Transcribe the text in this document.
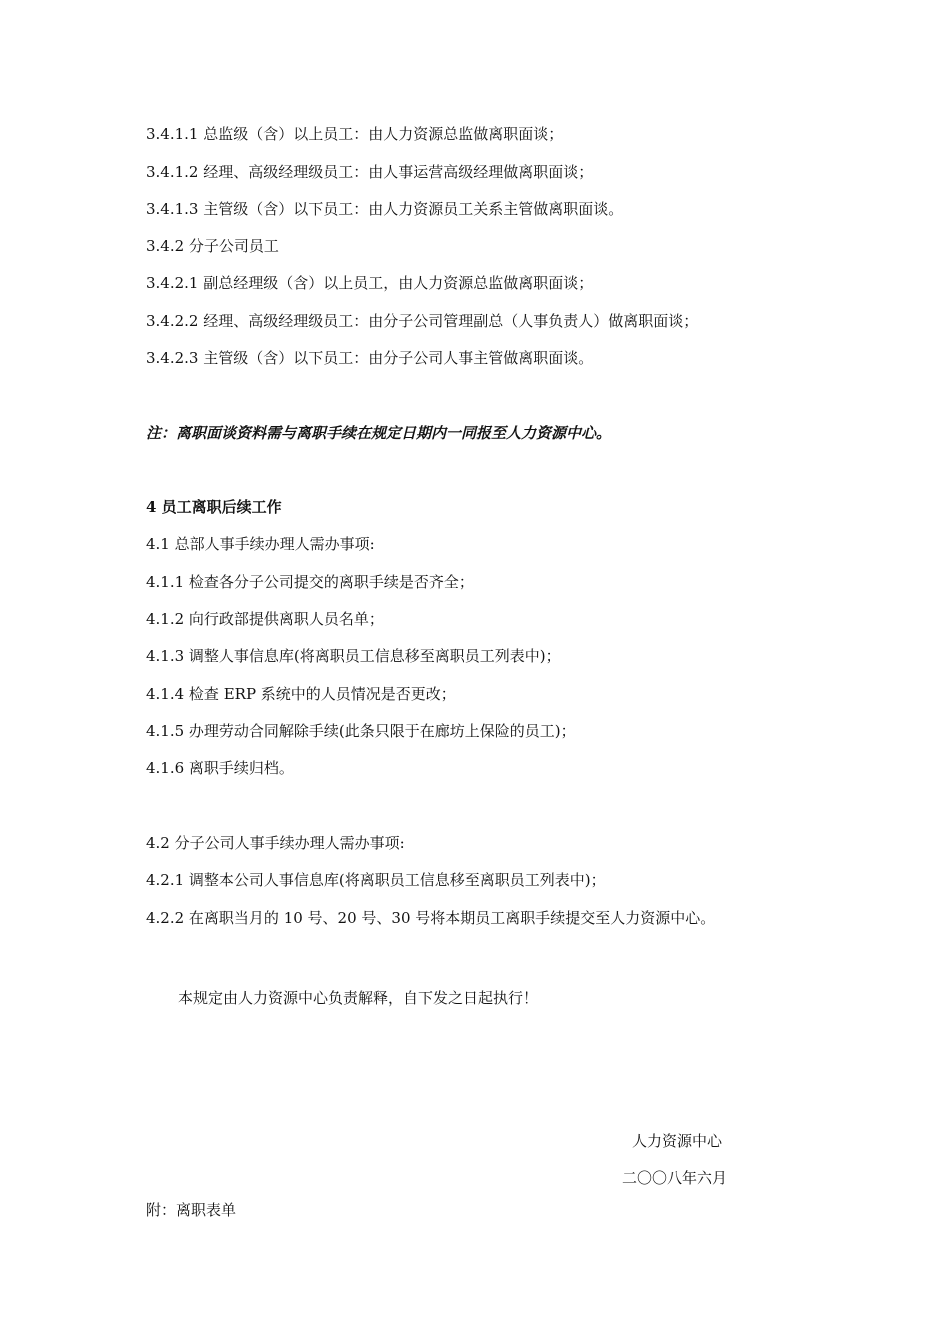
3.4.1.1 总监级（含）以上员工：由人力资源总监做离职面谈；
3.4.1.2 经理、高级经理级员工：由人事运营高级经理做离职面谈；
3.4.1.3 主管级（含）以下员工：由人力资源员工关系主管做离职面谈。
3.4.2 分子公司员工
3.4.2.1 副总经理级（含）以上员工，由人力资源总监做离职面谈；
3.4.2.2 经理、高级经理级员工：由分子公司管理副总（人事负责人）做离职面谈；
3.4.2.3 主管级（含）以下员工：由分子公司人事主管做离职面谈。
注：离职面谈资料需与离职手续在规定日期内一同报至人力资源中心。
4 员工离职后续工作
4.1 总部人事手续办理人需办事项:
4.1.1 检查各分子公司提交的离职手续是否齐全；
4.1.2 向行政部提供离职人员名单；
4.1.3 调整人事信息库(将离职员工信息移至离职员工列表中)；
4.1.4 检查 ERP 系统中的人员情况是否更改；
4.1.5 办理劳动合同解除手续(此条只限于在廊坊上保险的员工)；
4.1.6 离职手续归档。
4.2 分子公司人事手续办理人需办事项:
4.2.1 调整本公司人事信息库(将离职员工信息移至离职员工列表中)；
4.2.2 在离职当月的 10 号、20 号、30 号将本期员工离职手续提交至人力资源中心。
本规定由人力资源中心负责解释，自下发之日起执行！
人力资源中心
二〇〇八年六月
附：离职表单
